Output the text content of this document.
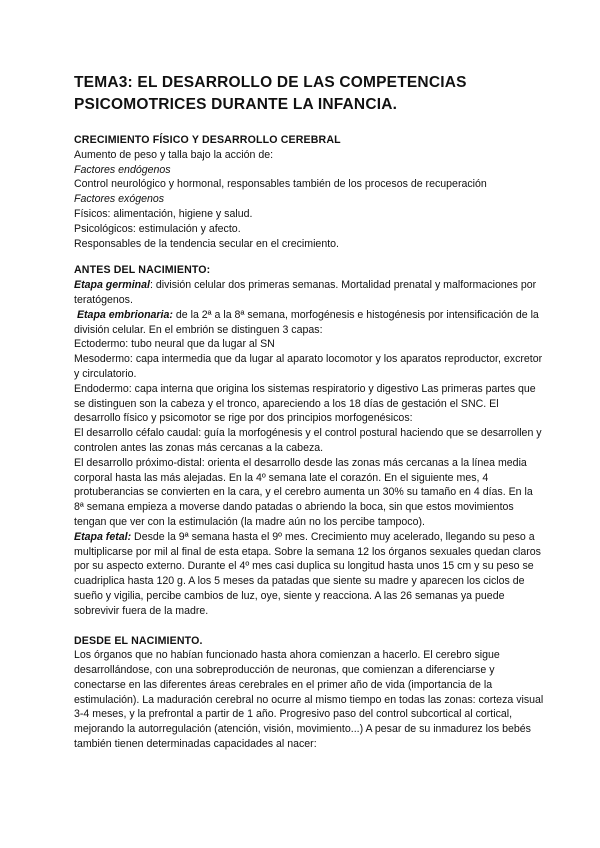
TEMA3: EL DESARROLLO DE LAS COMPETENCIAS
PSICOMOTRICES DURANTE LA INFANCIA.

CRECIMIENTO FÍSICO Y DESARROLLO CEREBRAL

Aumento de peso y talla bajo la acción de:

Factores endógenos

Control neurológico y hormonal, responsables también de los procesos de recuperación

Factores exógenos

Físicos: alimentación, higiene y salud.

Psicológicos: estimulación y afecto.

Responsables de la tendencia secular en el crecimiento.

ANTES DEL NACIMIENTO:

Etapa germinal: división celular dos primeras semanas. Mortalidad prenatal y malformaciones por teratógenos.

Etapa embrionaria: de la 2ª a la 8ª semana, morfogénesis e histogénesis por intensificación de la división celular. En el embrión se distinguen 3 capas:

Ectodermo: tubo neural que da lugar al SN

Mesodermo: capa intermedia que da lugar al aparato locomotor y los aparatos reproductor, excretor y circulatorio.

Endodermo: capa interna que origina los sistemas respiratorio y digestivo Las primeras partes que se distinguen son la cabeza y el tronco, apareciendo a los 18 días de gestación el SNC. El desarrollo físico y psicomotor se rige por dos principios morfogenésicos:

El desarrollo céfalo caudal: guía la morfogénesis y el control postural haciendo que se desarrollen y controlen antes las zonas más cercanas a la cabeza.

El desarrollo próximo-distal: orienta el desarrollo desde las zonas más cercanas a la línea media corporal hasta las más alejadas. En la 4º semana late el corazón. En el siguiente mes, 4 protuberancias se convierten en la cara, y el cerebro aumenta un 30% su tamaño en 4 días. En la 8ª semana empieza a moverse dando patadas o abriendo la boca, sin que estos movimientos tengan que ver con la estimulación (la madre aún no los percibe tampoco).

Etapa fetal: Desde la 9ª semana hasta el 9º mes. Crecimiento muy acelerado, llegando su peso a multiplicarse por mil al final de esta etapa. Sobre la semana 12 los órganos sexuales quedan claros por su aspecto externo. Durante el 4º mes casi duplica su longitud hasta unos 15 cm y su peso se cuadriplica hasta 120 g. A los 5 meses da patadas que siente su madre y aparecen los ciclos de sueño y vigilia, percibe cambios de luz, oye, siente y reacciona. A las 26 semanas ya puede sobrevivir fuera de la madre.

DESDE EL NACIMIENTO.

Los órganos que no habían funcionado hasta ahora comienzan a hacerlo. El cerebro sigue desarrollándose, con una sobreproducción de neuronas, que comienzan a diferenciarse y conectarse en las diferentes áreas cerebrales en el primer año de vida (importancia de la estimulación). La maduración cerebral no ocurre al mismo tiempo en todas las zonas: corteza visual 3-4 meses, y la prefrontal a partir de 1 año. Progresivo paso del control subcortical al cortical, mejorando la autorregulación (atención, visión, movimiento...) A pesar de su inmadurez los bebés también tienen determinadas capacidades al nacer:
